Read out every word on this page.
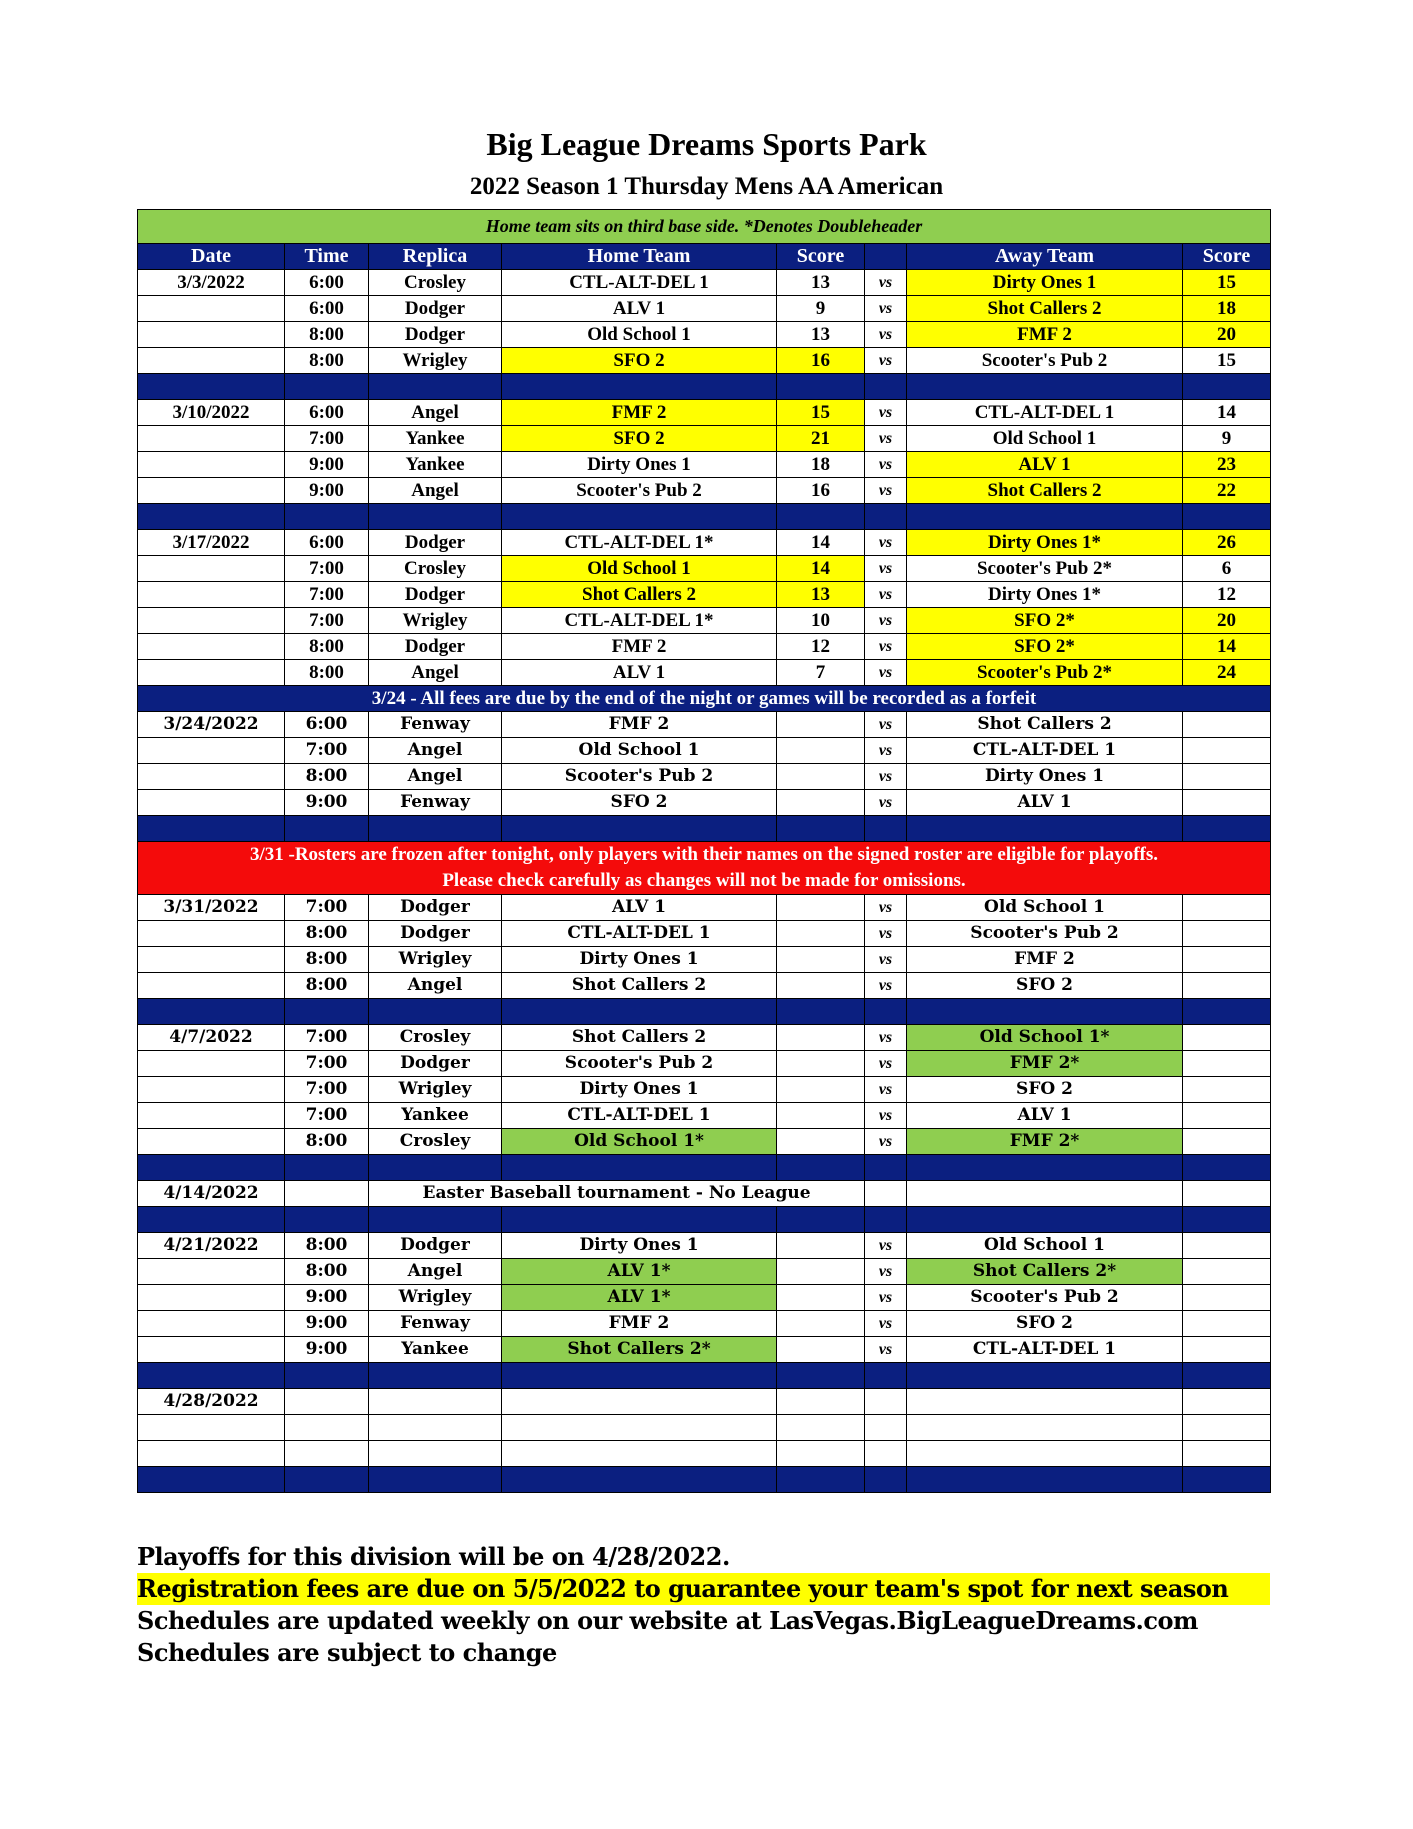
Big League Dreams Sports Park
2022 Season 1 Thursday Mens AA American
Home team sits on third base side. *Denotes Doubleheader							
Date	Time	Replica	Home Team	Score		Away Team	Score
3/3/2022	6:00	Crosley	CTL-ALT-DEL 1	13	vs	Dirty Ones 1	15
	6:00	Dodger	ALV 1	9	vs	Shot Callers 2	18
	8:00	Dodger	Old School 1	13	vs	FMF 2	20
	8:00	Wrigley	SFO 2	16	vs	Scooter's Pub 2	15

3/10/2022	6:00	Angel	FMF 2	15	vs	CTL-ALT-DEL 1	14
	7:00	Yankee	SFO 2	21	vs	Old School 1	9
	9:00	Yankee	Dirty Ones 1	18	vs	ALV 1	23
	9:00	Angel	Scooter's Pub 2	16	vs	Shot Callers 2	22

3/17/2022	6:00	Dodger	CTL-ALT-DEL 1*	14	vs	Dirty Ones 1*	26
	7:00	Crosley	Old School 1	14	vs	Scooter's Pub 2*	6
	7:00	Dodger	Shot Callers 2	13	vs	Dirty Ones 1*	12
	7:00	Wrigley	CTL-ALT-DEL 1*	10	vs	SFO 2*	20
	8:00	Dodger	FMF 2	12	vs	SFO 2*	14
	8:00	Angel	ALV 1	7	vs	Scooter's Pub 2*	24
3/24 - All fees are due by the end of the night or games will be recorded as a forfeit							
3/24/2022	6:00	Fenway	FMF 2		vs	Shot Callers 2	
	7:00	Angel	Old School 1		vs	CTL-ALT-DEL 1	
	8:00	Angel	Scooter's Pub 2		vs	Dirty Ones 1	
	9:00	Fenway	SFO 2		vs	ALV 1	

3/31 -Rosters are frozen after tonight, only players with their names on the signed roster are eligible for playoffs.
Please check carefully as changes will not be made for omissions.							

3/31/2022	7:00	Dodger	ALV 1		vs	Old School 1	
	8:00	Dodger	CTL-ALT-DEL 1		vs	Scooter's Pub 2	
	8:00	Wrigley	Dirty Ones 1		vs	FMF 2	
	8:00	Angel	Shot Callers 2		vs	SFO 2	

4/7/2022	7:00	Crosley	Shot Callers 2		vs	Old School 1*	
	7:00	Dodger	Scooter's Pub 2		vs	FMF 2*	
	7:00	Wrigley	Dirty Ones 1		vs	SFO 2	
	7:00	Yankee	CTL-ALT-DEL 1		vs	ALV 1	
	8:00	Crosley	Old School 1*		vs	FMF 2*	

4/14/2022		Easter Baseball tournament - No League					

4/21/2022	8:00	Dodger	Dirty Ones 1		vs	Old School 1	
	8:00	Angel	ALV 1*		vs	Shot Callers 2*	
	9:00	Wrigley	ALV 1*		vs	Scooter's Pub 2	
	9:00	Fenway	FMF 2		vs	SFO 2	
	9:00	Yankee	Shot Callers 2*		vs	CTL-ALT-DEL 1	

4/28/2022							

Playoffs for this division will be on 4/28/2022.
Registration fees are due on 5/5/2022 to guarantee your team's spot for next season
Schedules are updated weekly on our website at LasVegas.BigLeagueDreams.com
Schedules are subject to change
